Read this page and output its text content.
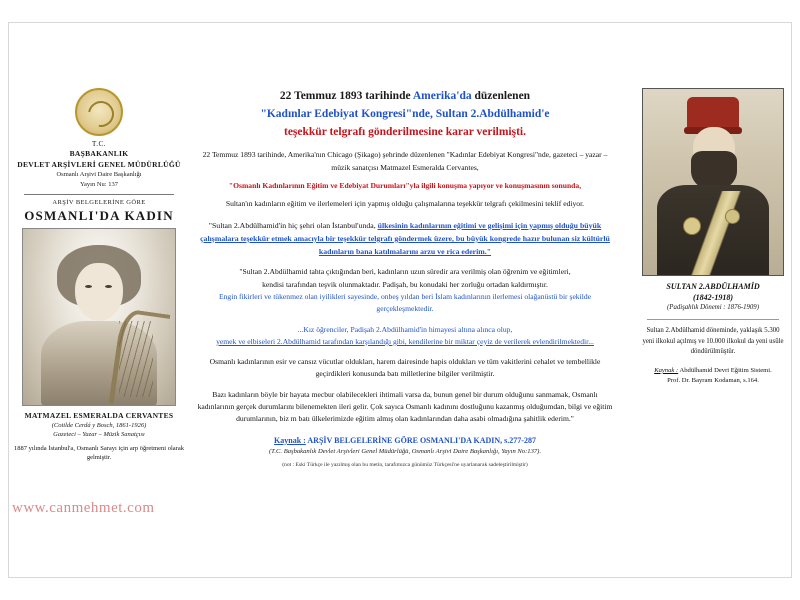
T.C.
BAŞBAKANLIK
DEVLET ARŞİVLERİ GENEL MÜDÜRLÜĞÜ
Osmanlı Arşivi Daire Başkanlığı
Yayın Nu: 137
ARŞİV BELGELERİNE GÖRE
OSMANLI'DA KADIN
MATMAZEL ESMERALDA CERVANTES
(Cotilde Cerdá y Bosch, 1861-1926)
Gazeteci – Yazar – Müzik Sanatçısı
1887 yılında İstanbul'a, Osmanlı Sarayı için arp öğretmeni olarak gelmiştir.
22 Temmuz 1893 tarihinde Amerika'da düzenlenen
"Kadınlar Edebiyat Kongresi"nde, Sultan 2.Abdülhamid'e
teşekkür telgrafı gönderilmesine karar verilmişti.

22 Temmuz 1893 tarihinde, Amerika'nın Chicago (Şikago) şehrinde düzenlenen "Kadınlar Edebiyat Kongresi"nde, gazeteci – yazar – müzik sanatçısı Matmazel Esmeralda Cervantes,

"Osmanlı Kadınlarının Eğitim ve Edebiyat Durumları"yla ilgili konuşma yapıyor ve konuşmasının sonunda,

Sultan'ın kadınların eğitim ve ilerlemeleri için yapmış olduğu çalışmalarına teşekkür telgrafı çekilmesini teklif ediyor.

"Sultan 2.Abdülhamid'in hiç şehri olan İstanbul'unda, ülkesinin kadınlarının eğitimi ve gelişimi için yapmış olduğu büyük çalışmalara teşekkür etmek amacıyla bir teşekkür telgrafı göndermek üzere, bu büyük kongrede hazır bulunan siz kültürlü kadınların bana katılmalarını arzu ve rica ederim."

"Sultan 2.Abdülhamid tahta çıktığından beri, kadınların uzun süredir ara verilmiş olan öğrenim ve eğitimleri,
kendisi tarafından teşvik olunmaktadır. Padişah, bu konudaki her zorluğu ortadan kaldırmıştır.
Engin fikirleri ve tükenmez olan iyilikleri sayesinde, onbeş yıldan beri İslam kadınlarının ilerlemesi olağanüstü bir şekilde gerçekleşmektedir.

...Kız öğrenciler, Padişah 2.Abdülhamid'in himayesi altına alınca olup,
yemek ve elbiseleri 2.Abdülhamid tarafından karşılandığı gibi, kendilerine bir miktar çeyiz de verilerek evlendirilmektedir...

Osmanlı kadınlarının esir ve cansız vücutlar oldukları, harem dairesinde hapis oldukları ve tüm vakitlerini cehalet ve tembellikle geçirdikleri konusunda batı milletlerine bilgiler verilmiştir.

Bazı kadınların böyle bir hayata mecbur olabilecekleri ihtimali varsa da, bunun genel bir durum olduğunu sanmamak, Osmanlı kadınlarının gerçek durumlarını bilenemekten ileri gelir. Çok sayıca Osmanlı kadınını dostluğunu kazanmış olduğumdan, bilgi ve eğitim durumlarının, biz m batı ülkelerimizde eğitim almış olan kadınlarından daha asabi olmadığına şahitlik ederim."

Kaynak : ARŞİV BELGELERİNE GÖRE OSMANLI'DA KADIN, s.277-287
(T.C. Başbakanlık Devlet Arşivleri Genel Müdürlüğü, Osmanlı Arşivi Daire Başkanlığı, Yayın No:137).
(not : Eski Türkçe ile yazılmış olan bu metin, tarafımızca günümüz Türkçesi'ne uyarlanarak sadeleştirilmiştir)
SULTAN 2.ABDÜLHAMİD
(1842-1918)
(Padişahlık Dönemi : 1876-1909)
Sultan 2.Abdülhamid döneminde, yaklaşık 5.300 yeni ilkokul açılmış ve 10.000 ilkokul da yeni usûle döndürülmüştür.
Kaynak : Abdülhamid Devri Eğitim Sistemi.
Prof. Dr. Bayram Kodaman, s.164.
www.canmehmet.com
